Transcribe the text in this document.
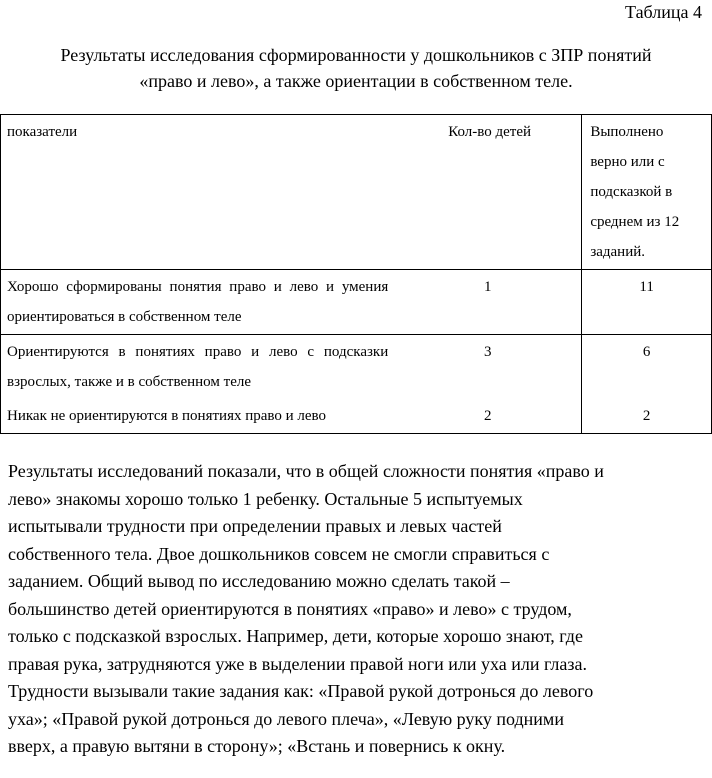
Таблица 4
Результаты исследования сформированности у дошкольников с ЗПР понятий
«право и лево», а также ориентации в собственном теле.
показатели	Кол-во детей	Выполнено
верно или с
подсказкой в
среднем из 12
заданий.

Хорошо сформированы понятия право и лево и умения ориентироваться в собственном теле	1	11
Ориентируются в понятиях право и лево с подсказки взрослых, также и в собственном теле	3	6
Никак не ориентируются в понятиях право и лево	2	2
Результаты исследований показали, что в общей сложности понятия «право и
лево» знакомы хорошо только 1 ребенку. Остальные 5 испытуемых
испытывали трудности при определении правых и левых частей
собственного тела. Двое дошкольников совсем не смогли справиться с
заданием. Общий вывод по исследованию можно сделать такой –
большинство детей ориентируются в понятиях «право» и лево» с трудом,
только с подсказкой взрослых. Например, дети, которые хорошо знают, где
правая рука, затрудняются уже в выделении правой ноги или уха или глаза.
Трудности вызывали такие задания как: «Правой рукой дотронься до левого
уха»; «Правой рукой дотронься до левого плеча», «Левую руку подними
вверх, а правую вытяни в сторону»; «Встань и повернись к окну.
